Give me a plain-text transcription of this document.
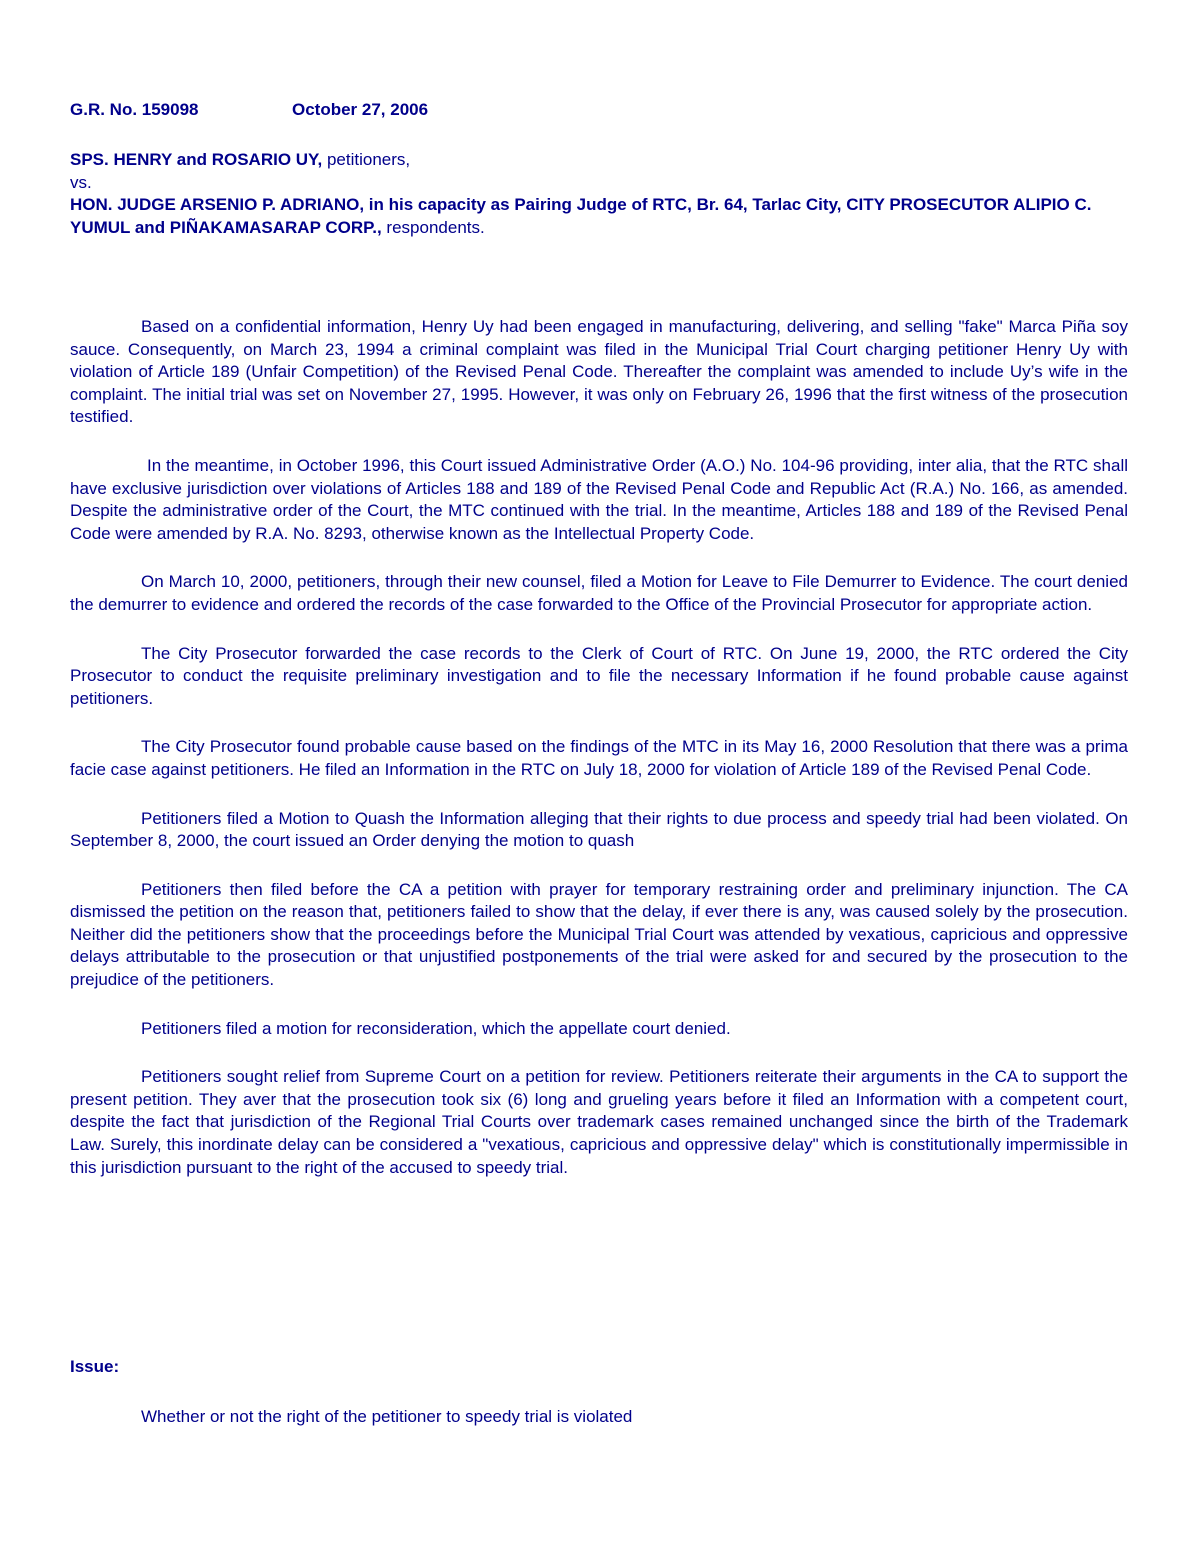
G.R. No. 159098	October 27, 2006
SPS. HENRY and ROSARIO UY, petitioners,
vs.
HON. JUDGE ARSENIO P. ADRIANO, in his capacity as Pairing Judge of RTC, Br. 64, Tarlac City, CITY PROSECUTOR ALIPIO C. YUMUL and PIÑAKAMASARAP CORP., respondents.

Based on a confidential information, Henry Uy had been engaged in manufacturing, delivering, and selling "fake" Marca Piña soy sauce. Consequently, on March 23, 1994 a criminal complaint was filed in the Municipal Trial Court charging petitioner Henry Uy with violation of Article 189 (Unfair Competition) of the Revised Penal Code. Thereafter the complaint was amended to include Uy’s wife in the complaint. The initial trial was set on November 27, 1995. However, it was only on February 26, 1996 that the first witness of the prosecution testified.

In the meantime, in October 1996, this Court issued Administrative Order (A.O.) No. 104-96 providing, inter alia, that the RTC shall have exclusive jurisdiction over violations of Articles 188 and 189 of the Revised Penal Code and Republic Act (R.A.) No. 166, as amended. Despite the administrative order of the Court, the MTC continued with the trial. In the meantime, Articles 188 and 189 of the Revised Penal Code were amended by R.A. No. 8293, otherwise known as the Intellectual Property Code.

On March 10, 2000, petitioners, through their new counsel, filed a Motion for Leave to File Demurrer to Evidence. The court denied the demurrer to evidence and ordered the records of the case forwarded to the Office of the Provincial Prosecutor for appropriate action.

The City Prosecutor forwarded the case records to the Clerk of Court of RTC. On June 19, 2000, the RTC ordered the City Prosecutor to conduct the requisite preliminary investigation and to file the necessary Information if he found probable cause against petitioners.

The City Prosecutor found probable cause based on the findings of the MTC in its May 16, 2000 Resolution that there was a prima facie case against petitioners. He filed an Information in the RTC on July 18, 2000 for violation of Article 189 of the Revised Penal Code.

Petitioners filed a Motion to Quash the Information alleging that their rights to due process and speedy trial had been violated. On September 8, 2000, the court issued an Order denying the motion to quash

Petitioners then filed before the CA a petition with prayer for temporary restraining order and preliminary injunction. The CA dismissed the petition on the reason that, petitioners failed to show that the delay, if ever there is any, was caused solely by the prosecution. Neither did the petitioners show that the proceedings before the Municipal Trial Court was attended by vexatious, capricious and oppressive delays attributable to the prosecution or that unjustified postponements of the trial were asked for and secured by the prosecution to the prejudice of the petitioners.

Petitioners filed a motion for reconsideration, which the appellate court denied.

Petitioners sought relief from Supreme Court on a petition for review. Petitioners reiterate their arguments in the CA to support the present petition. They aver that the prosecution took six (6) long and grueling years before it filed an Information with a competent court, despite the fact that jurisdiction of the Regional Trial Courts over trademark cases remained unchanged since the birth of the Trademark Law. Surely, this inordinate delay can be considered a "vexatious, capricious and oppressive delay" which is constitutionally impermissible in this jurisdiction pursuant to the right of the accused to speedy trial.

Issue:
Whether or not the right of the petitioner to speedy trial is violated
